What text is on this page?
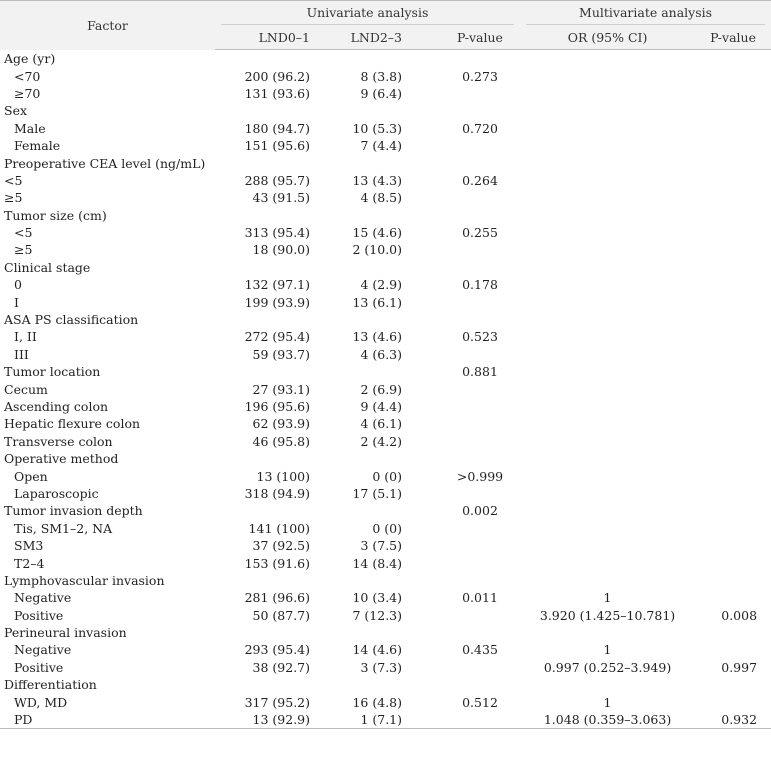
Factor	Univariate analysis			Multivariate analysis	

	LND0–1	LND2–3	P-value	OR (95% CI)	P-value
Age (yr)					
<70	200 (96.2)	8 (3.8)	0.273		
≥70	131 (93.6)	9 (6.4)			
Sex					
Male	180 (94.7)	10 (5.3)	0.720		
Female	151 (95.6)	7 (4.4)			
Preoperative CEA level (ng/mL)					
<5	288 (95.7)	13 (4.3)	0.264		
≥5	43 (91.5)	4 (8.5)			
Tumor size (cm)					
<5	313 (95.4)	15 (4.6)	0.255		
≥5	18 (90.0)	2 (10.0)			
Clinical stage					
0	132 (97.1)	4 (2.9)	0.178		
I	199 (93.9)	13 (6.1)			
ASA PS classification					
I, II	272 (95.4)	13 (4.6)	0.523		
III	59 (93.7)	4 (6.3)			
Tumor location			0.881		
Cecum	27 (93.1)	2 (6.9)			
Ascending colon	196 (95.6)	9 (4.4)			
Hepatic flexure colon	62 (93.9)	4 (6.1)			
Transverse colon	46 (95.8)	2 (4.2)			
Operative method					
Open	13 (100)	0 (0)	>0.999		
Laparoscopic	318 (94.9)	17 (5.1)			
Tumor invasion depth			0.002		
Tis, SM1–2, NA	141 (100)	0 (0)			
SM3	37 (92.5)	3 (7.5)			
T2–4	153 (91.6)	14 (8.4)			
Lymphovascular invasion					
Negative	281 (96.6)	10 (3.4)	0.011	1	
Positive	50 (87.7)	7 (12.3)		3.920 (1.425–10.781)	0.008
Perineural invasion					
Negative	293 (95.4)	14 (4.6)	0.435	1	
Positive	38 (92.7)	3 (7.3)		0.997 (0.252–3.949)	0.997
Differentiation					
WD, MD	317 (95.2)	16 (4.8)	0.512	1	
PD	13 (92.9)	1 (7.1)		1.048 (0.359–3.063)	0.932
